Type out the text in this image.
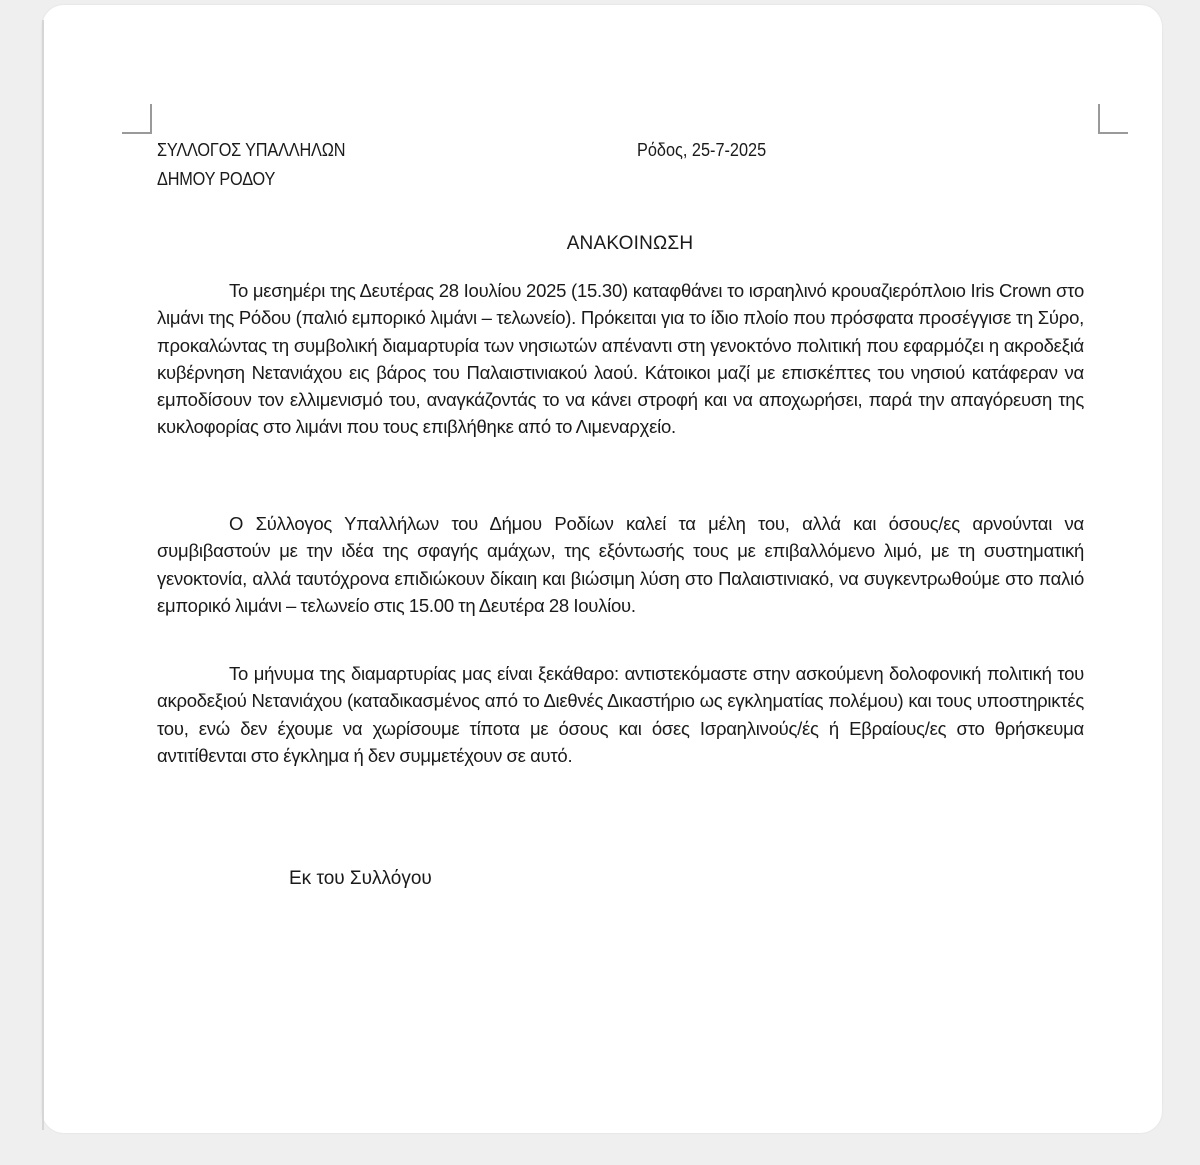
ΣΥΛΛΟΓΟΣ ΥΠΑΛΛΗΛΩΝ
ΔΗΜΟΥ ΡΟΔΟΥ
Ρόδος, 25-7-2025
ΑΝΑΚΟΙΝΩΣΗ
Το μεσημέρι της Δευτέρας 28 Ιουλίου 2025 (15.30) καταφθάνει το ισραηλινό κρουαζιερόπλοιο Iris Crown στο λιμάνι της Ρόδου (παλιό εμπορικό λιμάνι – τελωνείο). Πρόκειται για το ίδιο πλοίο που πρόσφατα προσέγγισε τη Σύρο, προκαλώντας τη συμβολική διαμαρτυρία των νησιωτών απέναντι στη γενοκτόνο πολιτική που εφαρμόζει η ακροδεξιά κυβέρνηση Νετανιάχου εις βάρος του Παλαιστινιακού λαού. Κάτοικοι μαζί με επισκέπτες του νησιού κατάφεραν να εμποδίσουν τον ελλιμενισμό του, αναγκάζοντάς το να κάνει στροφή και να αποχωρήσει, παρά την απαγόρευση της κυκλοφορίας στο λιμάνι που τους επιβλήθηκε από το Λιμεναρχείο.
Ο Σύλλογος Υπαλλήλων του Δήμου Ροδίων καλεί τα μέλη του, αλλά και όσους/ες αρνούνται να συμβιβαστούν με την ιδέα της σφαγής αμάχων, της εξόντωσής τους με επιβαλλόμενο λιμό, με τη συστηματική γενοκτονία, αλλά ταυτόχρονα επιδιώκουν δίκαιη και βιώσιμη λύση στο Παλαιστινιακό, να συγκεντρωθούμε στο παλιό εμπορικό λιμάνι – τελωνείο στις 15.00 τη Δευτέρα 28 Ιουλίου.
Το μήνυμα της διαμαρτυρίας μας είναι ξεκάθαρο: αντιστεκόμαστε στην ασκούμενη δολοφονική πολιτική του ακροδεξιού Νετανιάχου (καταδικασμένος από το Διεθνές Δικαστήριο ως εγκληματίας πολέμου) και τους υποστηρικτές του, ενώ δεν έχουμε να χωρίσουμε τίποτα με όσους και όσες Ισραηλινούς/ές ή Εβραίους/ες στο θρήσκευμα αντιτίθενται στο έγκλημα ή δεν συμμετέχουν σε αυτό.
Εκ του Συλλόγου
